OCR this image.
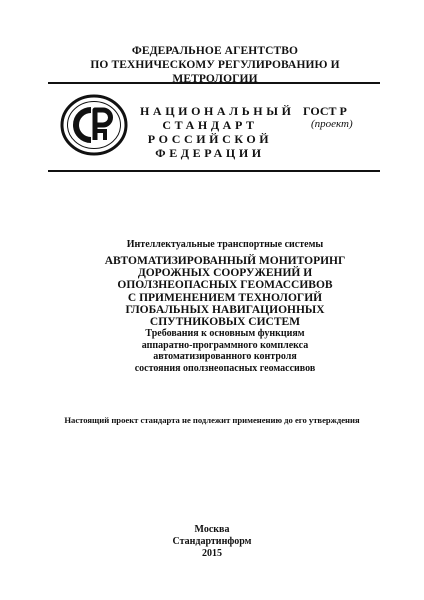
ФЕДЕРАЛЬНОЕ АГЕНТСТВО
ПО ТЕХНИЧЕСКОМУ РЕГУЛИРОВАНИЮ И МЕТРОЛОГИИ
НАЦИОНАЛЬНЫЙ
СТАНДАРТ
РОССИЙСКОЙ
ФЕДЕРАЦИИ
ГОСТ Р
(проект)
Интеллектуальные транспортные системы
АВТОМАТИЗИРОВАННЫЙ МОНИТОРИНГ
ДОРОЖНЫХ СООРУЖЕНИЙ И
ОПОЛЗНЕОПАСНЫХ ГЕОМАССИВОВ
С ПРИМЕНЕНИЕМ ТЕХНОЛОГИЙ
ГЛОБАЛЬНЫХ НАВИГАЦИОННЫХ
СПУТНИКОВЫХ СИСТЕМ
Требования к основным функциям
аппаратно-программного комплекса
автоматизированного контроля
состояния оползнеопасных геомассивов
Настоящий проект стандарта не подлежит применению до его утверждения
Москва
Стандартинформ
2015
